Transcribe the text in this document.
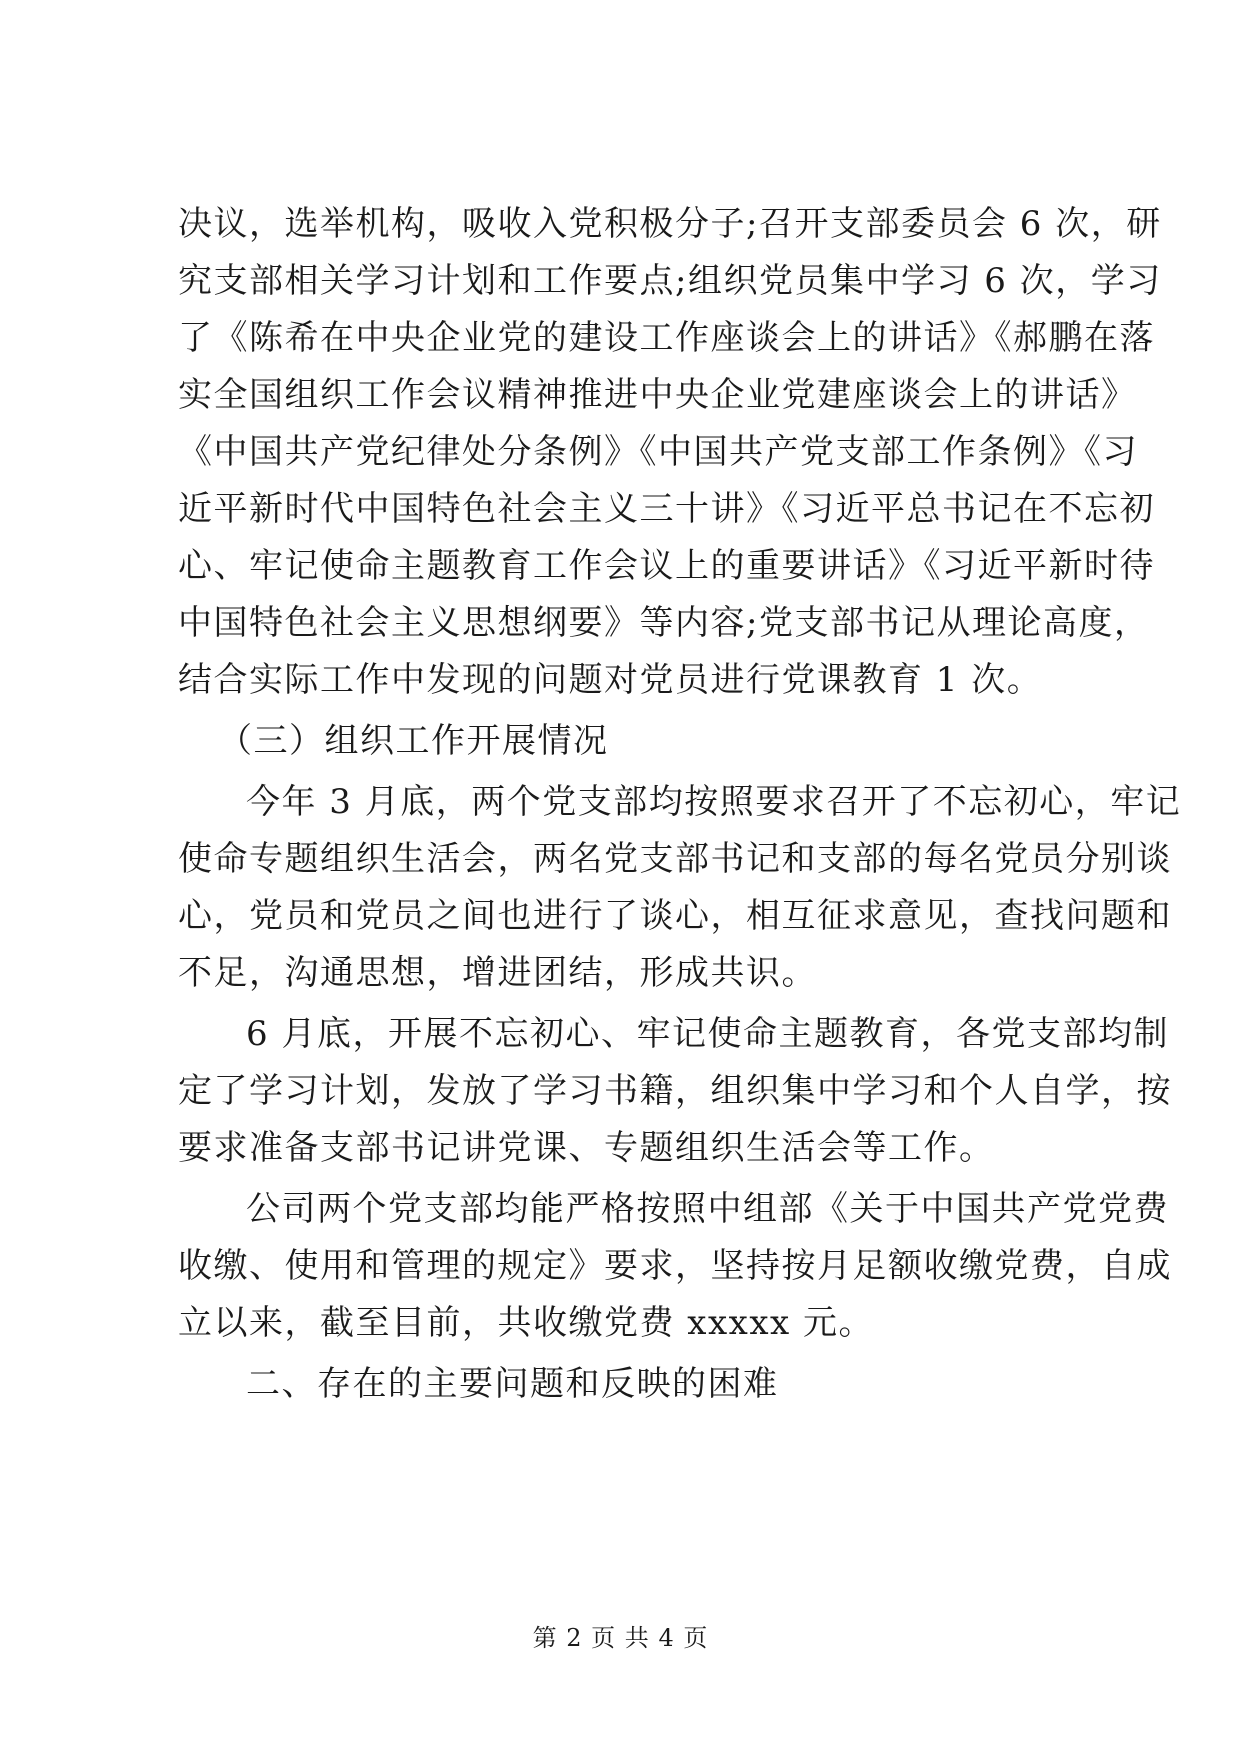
决议，选举机构，吸收入党积极分子;召开支部委员会 6 次，研
究支部相关学习计划和工作要点;组织党员集中学习 6 次，学习
了《陈希在中央企业党的建设工作座谈会上的讲话》《郝鹏在落
实全国组织工作会议精神推进中央企业党建座谈会上的讲话》
《中国共产党纪律处分条例》《中国共产党支部工作条例》《习
近平新时代中国特色社会主义三十讲》《习近平总书记在不忘初
心、牢记使命主题教育工作会议上的重要讲话》《习近平新时待
中国特色社会主义思想纲要》等内容;党支部书记从理论高度，
结合实际工作中发现的问题对党员进行党课教育 1 次。
（三）组织工作开展情况
今年 3 月底，两个党支部均按照要求召开了不忘初心，牢记
使命专题组织生活会，两名党支部书记和支部的每名党员分别谈
心，党员和党员之间也进行了谈心，相互征求意见，查找问题和
不足，沟通思想，增进团结，形成共识。
6 月底，开展不忘初心、牢记使命主题教育，各党支部均制
定了学习计划，发放了学习书籍，组织集中学习和个人自学，按
要求准备支部书记讲党课、专题组织生活会等工作。
公司两个党支部均能严格按照中组部《关于中国共产党党费
收缴、使用和管理的规定》要求，坚持按月足额收缴党费，自成
立以来，截至目前，共收缴党费 xxxxx 元。
二、存在的主要问题和反映的困难
第 2 页 共 4 页
